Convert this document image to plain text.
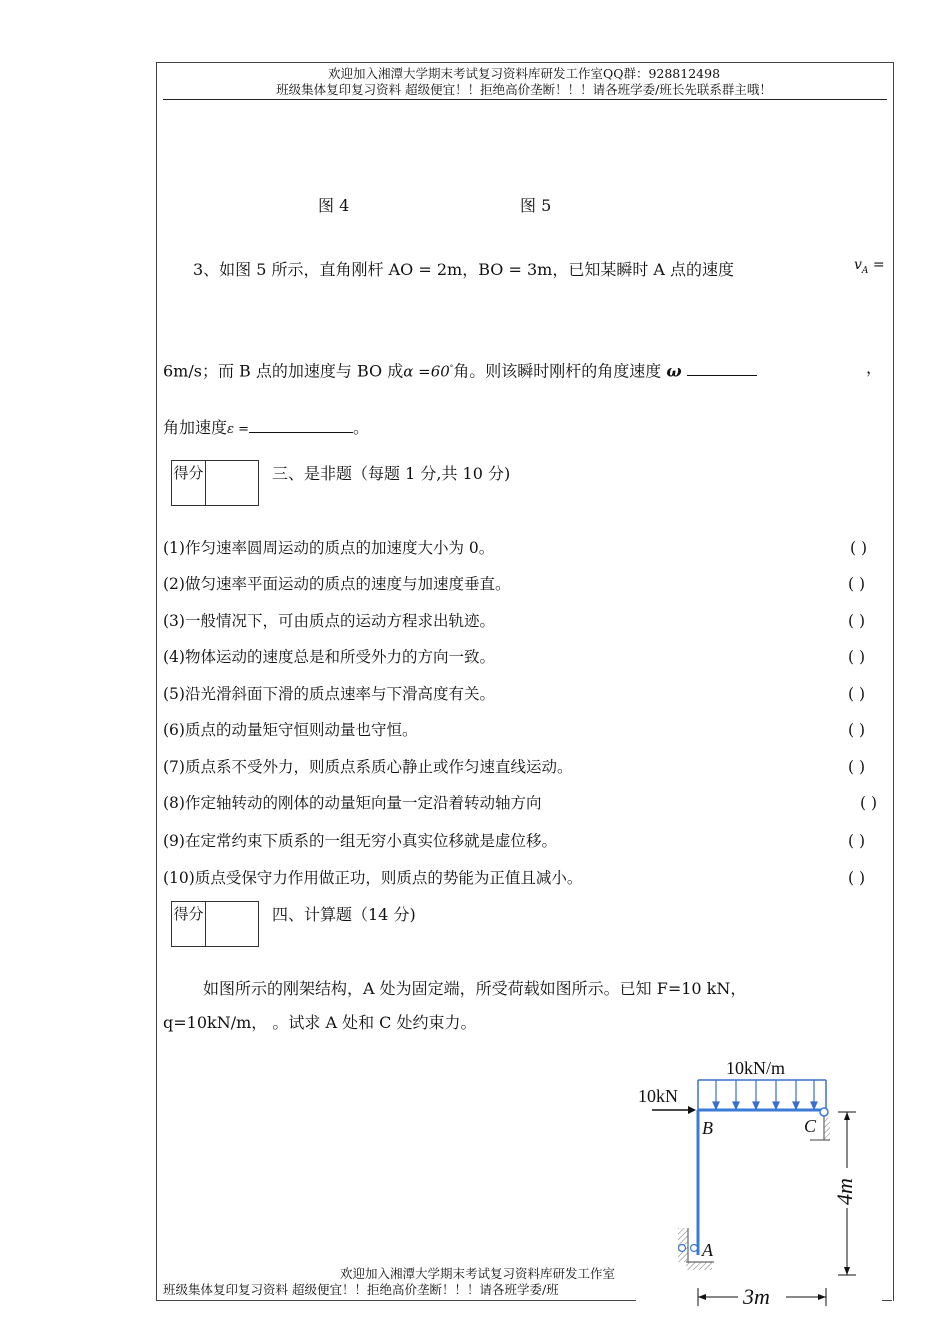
欢迎加入湘潭大学期末考试复习资料库研发工作室QQ群：928812498
班级集体复印复习资料 超级便宜！！拒绝高价垄断！！！请各班学委/班长先联系群主哦！
图 4	图 5
3、如图 5 所示，直角刚杆 AO = 2m，BO = 3m，已知某瞬时 A 点的速度	$v_A$ =
6m/s；而 B 点的加速度与 BO 成α =60°角。则该瞬时刚杆的角度速度 ω	，
角加速度ε =	。
得分	三、是非题（每题 1 分,共 10 分)
(1)作匀速率圆周运动的质点的加速度大小为 0。	( )
(2)做匀速率平面运动的质点的速度与加速度垂直。	( )
(3)一般情况下，可由质点的运动方程求出轨迹。	( )
(4)物体运动的速度总是和所受外力的方向一致。	( )
(5)沿光滑斜面下滑的质点速率与下滑高度有关。	( )
(6)质点的动量矩守恒则动量也守恒。	( )
(7)质点系不受外力，则质点系质心静止或作匀速直线运动。	( )
(8)作定轴转动的刚体的动量矩向量一定沿着转动轴方向	( )
(9)在定常约束下质系的一组无穷小真实位移就是虚位移。	( )
(10)质点受保守力作用做正功，则质点的势能为正值且减小。	( )
得分	四、计算题（14 分)
如图所示的刚架结构，A 处为固定端，所受荷载如图所示。已知 F=10 kN，
q=10kN/m， 。试求 A 处和 C 处约束力。
10kN/m
10kN
B	C
A
4m
3m
欢迎加入湘潭大学期末考试复习资料库研发工作室
班级集体复印复习资料 超级便宜！！拒绝高价垄断！！！请各班学委/班
